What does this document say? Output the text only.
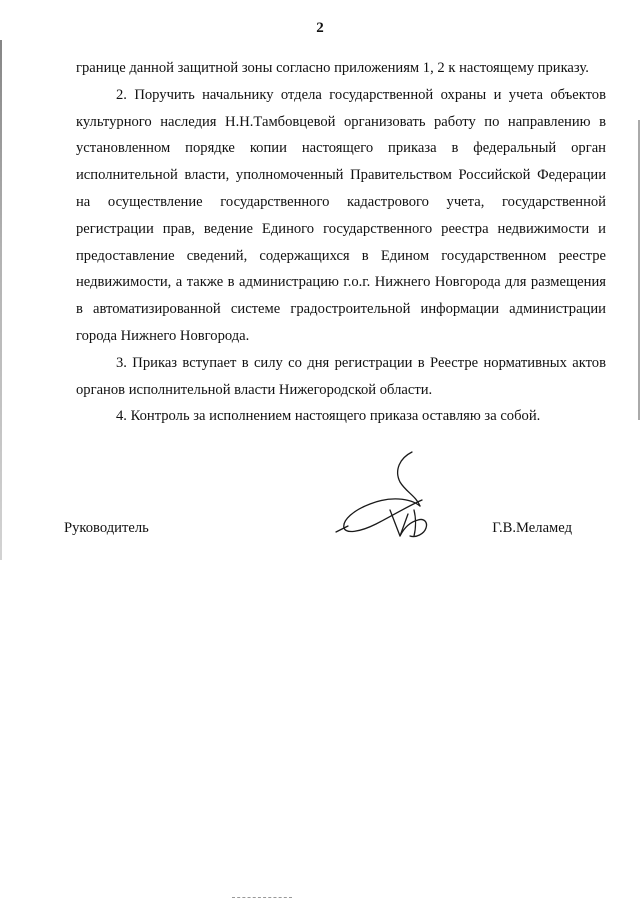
2

границе данной защитной зоны согласно приложениям 1, 2 к настоящему приказу.

2. Поручить начальнику отдела государственной охраны и учета объектов культурного наследия Н.Н.Тамбовцевой организовать работу по направлению в установленном порядке копии настоящего приказа в федеральный орган исполнительной власти, уполномоченный Правительством Российской Федерации на осуществление государственного кадастрового учета, государственной регистрации прав, ведение Единого государственного реестра недвижимости и предоставление сведений, содержащихся в Едином государственном реестре недвижимости, а также в администрацию г.о.г. Нижнего Новгорода для размещения в автоматизированной системе градостроительной информации администрации города Нижнего Новгорода.

3. Приказ вступает в силу со дня регистрации в Реестре нормативных актов органов исполнительной власти Нижегородской области.

4. Контроль за исполнением настоящего приказа оставляю за собой.

Руководитель	Г.В.Меламед
